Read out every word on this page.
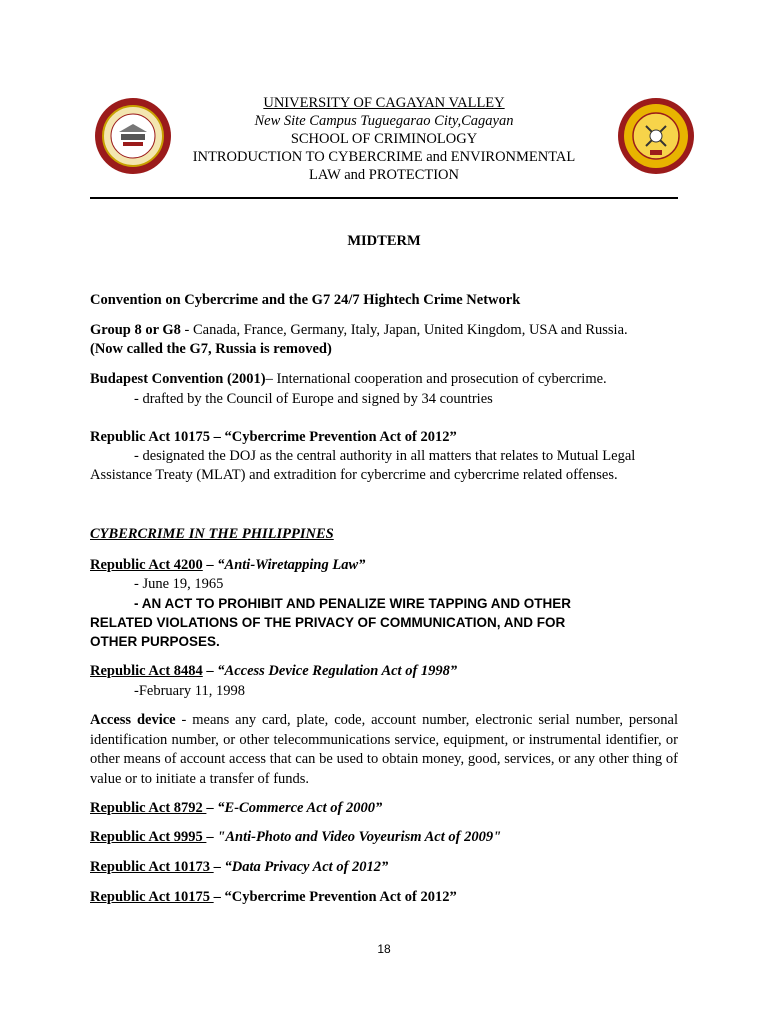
UNIVERSITY OF CAGAYAN VALLEY
New Site Campus Tuguegarao City,Cagayan
SCHOOL OF CRIMINOLOGY
INTRODUCTION TO CYBERCRIME and ENVIRONMENTAL
LAW and PROTECTION
MIDTERM
Convention on Cybercrime and the G7 24/7 Hightech Crime Network
Group 8 or G8 - Canada, France, Germany, Italy, Japan, United Kingdom, USA and Russia.
(Now called the G7, Russia is removed)
Budapest Convention (2001)– International cooperation and prosecution of cybercrime.
- drafted by the Council of Europe and signed by 34 countries
Republic Act 10175 – “Cybercrime Prevention Act of 2012”
- designated the DOJ as the central authority in all matters that relates to Mutual Legal
Assistance Treaty (MLAT) and extradition for cybercrime and cybercrime related offenses.
CYBERCRIME IN THE PHILIPPINES
Republic Act 4200 – “Anti-Wiretapping Law”
- June 19, 1965
- AN ACT TO PROHIBIT AND PENALIZE WIRE TAPPING AND OTHER
RELATED VIOLATIONS OF THE PRIVACY OF COMMUNICATION, AND FOR
OTHER PURPOSES.
Republic Act 8484 – “Access Device Regulation Act of 1998”
-February 11, 1998
Access device - means any card, plate, code, account number, electronic serial number, personal identification number, or other telecommunications service, equipment, or instrumental identifier, or other means of account access that can be used to obtain money, good, services, or any other thing of value or to initiate a transfer of funds.
Republic Act 8792 – “E-Commerce Act of 2000”
Republic Act 9995 – "Anti-Photo and Video Voyeurism Act of 2009"
Republic Act 10173 – “Data Privacy Act of 2012”
Republic Act 10175 – “Cybercrime Prevention Act of 2012”
18
